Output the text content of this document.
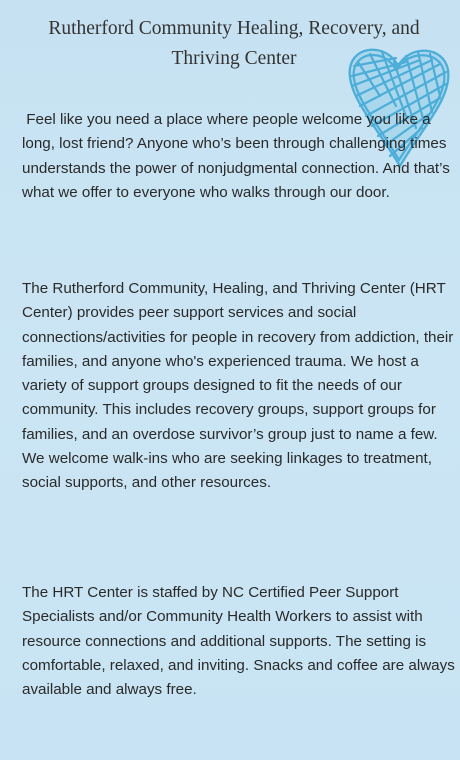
Rutherford Community Healing, Recovery, and
Thriving Center

Feel like you need a place where people welcome you like a long, lost friend? Anyone who’s been through challenging times understands the power of nonjudgmental connection. And that’s what we offer to everyone who walks through our door.

The Rutherford Community, Healing, and Thriving Center (HRT Center) provides peer support services and social connections/activities for people in recovery from addiction, their families, and anyone who's experienced trauma. We host a variety of support groups designed to fit the needs of our community. This includes recovery groups, support groups for families, and an overdose survivor’s group just to name a few. We welcome walk-ins who are seeking linkages to treatment, social supports, and other resources.

The HRT Center is staffed by NC Certified Peer Support Specialists and/or Community Health Workers to assist with resource connections and additional supports. The setting is comfortable, relaxed, and inviting. Snacks and coffee are always available and always free.
